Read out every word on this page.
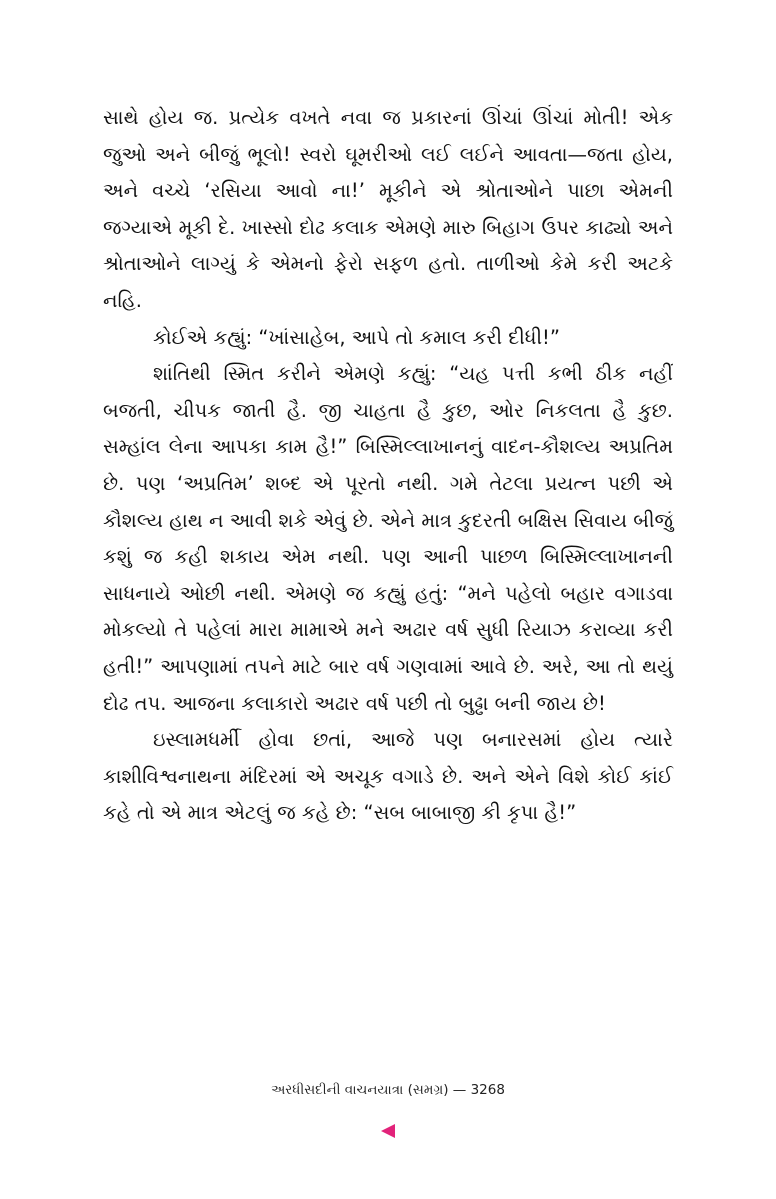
સાથે હોય જ. પ્રત્યેક વખતે નવા જ પ્રકારનાં ઊંચાં ઊંચાં મોતી! એક જુઓ અને બીજું ભૂલો! સ્વરો ઘૂમરીઓ લઈ લઈને આવતા—જતા હોય, અને વચ્ચે ‘રસિયા આવો ના!’ મૂકીને એ શ્રોતાઓને પાછા એમની જગ્યાએ મૂકી દે. ખાસ્સો દોઢ કલાક એમણે મારુ બિહાગ ઉપર કાઢ્યો અને શ્રોતાઓને લાગ્યું કે એમનો ફેરો સફળ હતો. તાળીઓ કેમે કરી અટકે નહિ.

કોઈએ કહ્યું: “ખાંસાહેબ, આપે તો કમાલ કરી દીધી!”

શાંતિથી સ્મિત કરીને એમણે કહ્યું: “યહ પત્તી કભી ઠીક નહીં બજતી, ચીપક જાતી હૈ. જી ચાહતા હૈ કુછ, ઓર નિકલતા હૈ કુછ. સમ્હાંલ લેના આપકા કામ હૈ!” બિસ્મિલ્લાખાનનું વાદન-કૌશલ્ય અપ્રતિમ છે. પણ ‘અપ્રતિમ’ શબ્દ એ પૂરતો નથી. ગમે તેટલા પ્રયત્ન પછી એ કૌશલ્ય હાથ ન આવી શકે એવું છે. એને માત્ર કુદરતી બક્ષિસ સિવાય બીજું કશું જ કહી શકાય એમ નથી. પણ આની પાછળ બિસ્મિલ્લાખાનની સાધનાયે ઓછી નથી. એમણે જ કહ્યું હતું: “મને પહેલો બહાર વગાડવા મોકલ્યો તે પહેલાં મારા મામાએ મને અઢાર વર્ષ સુધી રિયાઝ કરાવ્યા કરી હતી!” આપણામાં તપને માટે બાર વર્ષ ગણવામાં આવે છે. અરે, આ તો થયું દોઢ તપ. આજના કલાકારો અઢાર વર્ષ પછી તો બુઢ્ઢા બની જાય છે!

ઇસ્લામધર્મી હોવા છતાં, આજે પણ બનારસમાં હોય ત્યારે કાશીવિશ્વનાથના મંદિરમાં એ અચૂક વગાડે છે. અને એને વિશે કોઈ કાંઈ કહે તો એ માત્ર એટલું જ કહે છે: “સબ બાબાજી કી કૃપા હૈ!”

અરધીસદીની વાચનયાત્રા (સમગ્ર) — 3268
